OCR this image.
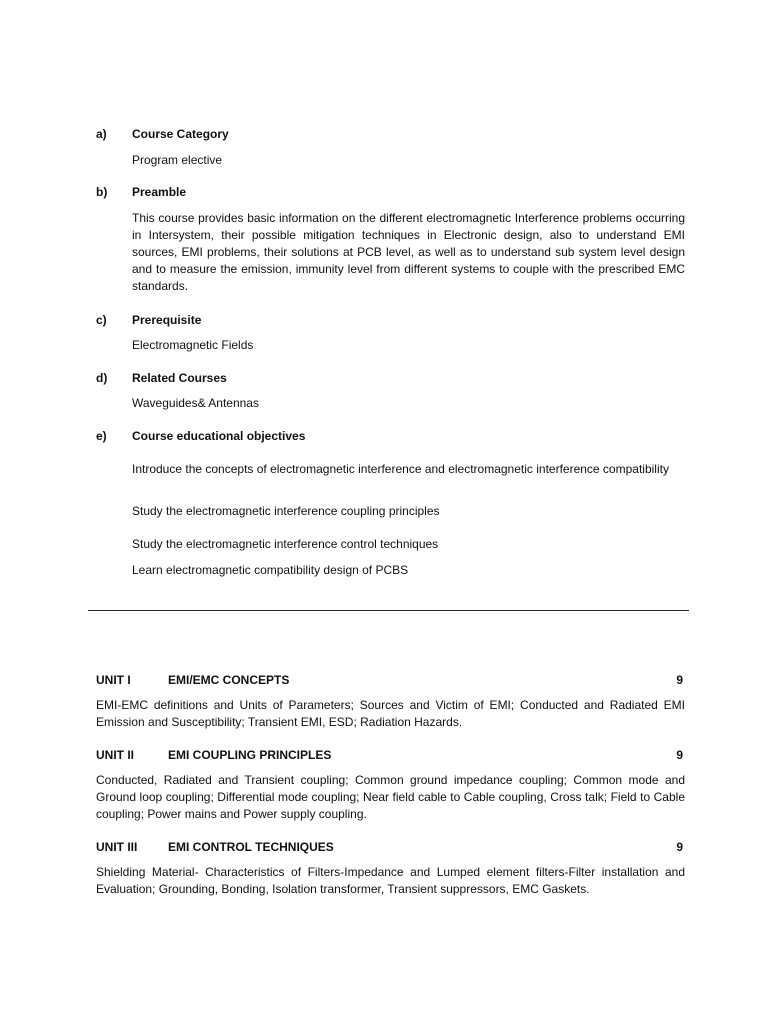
a) Course Category
Program elective
b) Preamble
This course provides basic information on the different electromagnetic Interference problems occurring in Intersystem, their possible mitigation techniques in Electronic design, also to understand EMI sources, EMI problems, their solutions at PCB level, as well as to understand sub system level design and to measure the emission, immunity level from different systems to couple with the prescribed EMC standards.
c) Prerequisite
Electromagnetic Fields
d) Related Courses
Waveguides& Antennas
e) Course educational objectives
Introduce the concepts of electromagnetic interference and electromagnetic interference compatibility
Study the electromagnetic interference coupling principles
Study the electromagnetic interference control techniques
Learn electromagnetic compatibility design of PCBS
UNIT I	EMI/EMC CONCEPTS	9
EMI-EMC definitions and Units of Parameters; Sources and Victim of EMI; Conducted and Radiated EMI Emission and Susceptibility; Transient EMI, ESD; Radiation Hazards.
UNIT II	EMI COUPLING PRINCIPLES	9
Conducted, Radiated and Transient coupling; Common ground impedance coupling; Common mode and Ground loop coupling; Differential mode coupling; Near field cable to Cable coupling, Cross talk; Field to Cable coupling; Power mains and Power supply coupling.
UNIT III	EMI CONTROL TECHNIQUES	9
Shielding Material- Characteristics of Filters-Impedance and Lumped element filters-Filter installation and Evaluation; Grounding, Bonding, Isolation transformer, Transient suppressors, EMC Gaskets.
